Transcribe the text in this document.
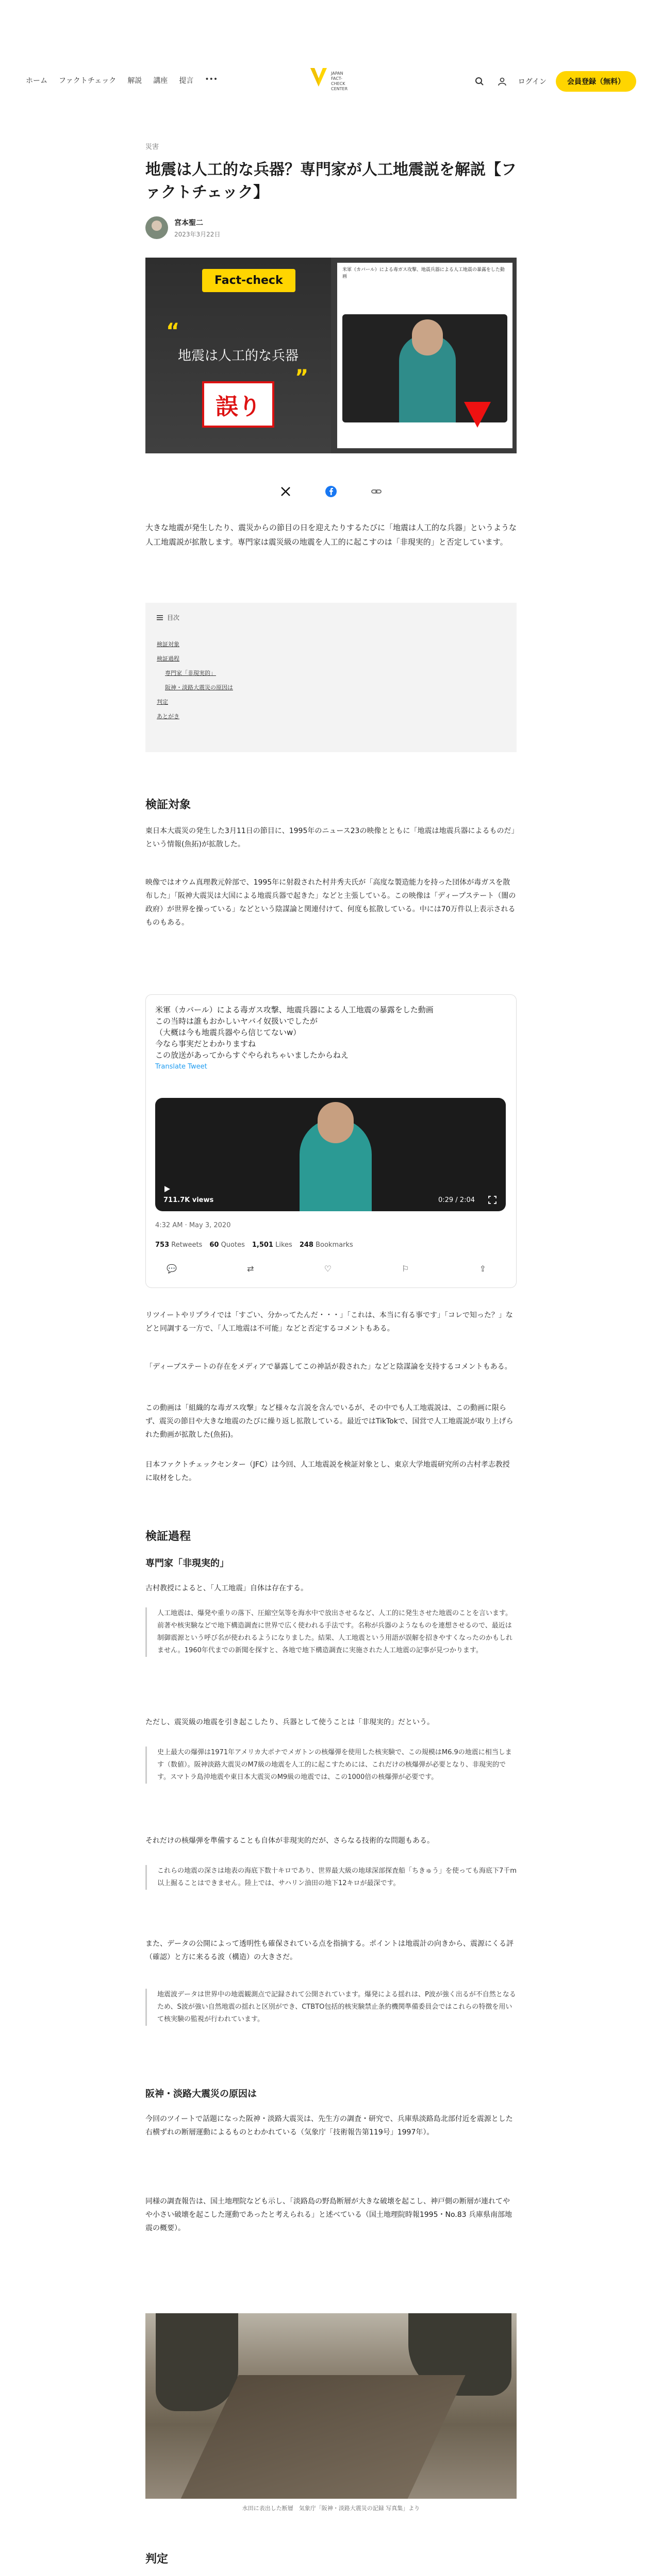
ホーム ファクトチェック 解説 講座 提言 •••
JAPAN FACT-CHECK CENTER
ログイン	会員登録（無料）
災害
地震は人工的な兵器？専門家が人工地震説を解説【ファクトチェック】
宮本聖二
2023年3月22日
Fact-check
“
地震は人工的な兵器
”
誤り
米軍（カバール）による毒ガス攻撃、地震兵器による人工地震の暴露をした動画

大きな地震が発生したり、震災からの節目の日を迎えたりするたびに「地震は人工的な兵器」というような人工地震説が拡散します。専門家は震災級の地震を人工的に起こすのは「非現実的」と否定しています。

目次
検証対象
検証過程
専門家「非現実的」
阪神・淡路大震災の原因は
判定
あとがき
検証対象

東日本大震災の発生した3月11日の節目に、1995年のニュース23の映像とともに「地震は地震兵器によるものだ」という情報(魚拓)が拡散した。

映像ではオウム真理教元幹部で、1995年に射殺された村井秀夫氏が「高度な製造能力を持った団体が毒ガスを散布した」「阪神大震災は大国による地震兵器で起きた」などと主張している。この映像は「ディープステート（闇の政府）が世界を操っている」などという陰謀論と関連付けて、何度も拡散している。中には70万件以上表示されるものもある。

米軍（カバール）による毒ガス攻撃、地震兵器による人工地震の暴露をした動画
この当時は誰もおかしいヤバイ奴扱いでしたが
（大概は今も地震兵器やら信じてないw）
今なら事実だとわかりますね
この放送があってからすぐやられちゃいましたからねえ
Translate Tweet
711.7K views	0:29 / 2:04
4:32 AM · May 3, 2020
753 Retweets 60 Quotes 1,501 Likes 248 Bookmarks
💬	⇄	♡	⚐	⇪

リツイートやリプライでは「すごい、分かってたんだ・・・」「これは、本当に有る事です」「コレで知った？」などと同調する一方で、「人工地震は不可能」などと否定するコメントもある。

「ディープステートの存在をメディアで暴露してこの神話が殺された」などと陰謀論を支持するコメントもある。

この動画は「組織的な毒ガス攻撃」など様々な言説を含んでいるが、その中でも人工地震説は、この動画に限らず、震災の節目や大きな地震のたびに繰り返し拡散している。最近ではTikTokで、国営で人工地震説が取り上げられた動画が拡散した(魚拓)。

日本ファクトチェックセンター（JFC）は今回、人工地震説を検証対象とし、東京大学地震研究所の古村孝志教授に取材をした。

検証過程
専門家「非現実的」

古村教授によると、「人工地震」自体は存在する。

人工地震は、爆発や重りの落下、圧縮空気等を海水中で放出させるなど、人工的に発生させた地震のことを言います。前著や核実験などで地下構造調査に世界で広く使われる手法です。名称が兵器のようなものを連想させるので、最近は制御震源という呼び名が使われるようになりました。結果、人工地震という用語が誤解を招きやすくなったのかもしれません。1960年代までの新聞を探すと、各地で地下構造調査に実施された人工地震の記事が見つかります。

ただし、震災級の地震を引き起こしたり、兵器として使うことは「非現実的」だという。

史上最大の爆弾は1971年アメリカ大ポナでメガトンの核爆弾を使用した核実験で、この規模はM6.9の地震に相当します（数値）。阪神淡路大震災のM7級の地震を人工的に起こすためには、これだけの核爆弾が必要となり、非現実的です。スマトラ島沖地震や東日本大震災のM9級の地震では、この1000倍の核爆弾が必要です。

それだけの核爆弾を準備することも自体が非現実的だが、さらなる技術的な問題もある。

これらの地震の深さは地表の海底下数十キロであり、世界最大級の地球深部探査船「ちきゅう」を使っても海底下7千m以上掘ることはできません。陸上では、サハリン油田の地下12キロが最深です。

また、データの公開によって透明性も確保されている点を指摘する。ポイントは地震計の向きから、震源にくる評（確認）と方に来るる波（構造）の大きさだ。

地震波データは世界中の地震観測点で記録されて公開されています。爆発による揺れは、P波が強く出るが不自然となるため、S波が強い自然地震の揺れと区別ができ、CTBTO包括的核実験禁止条約機関準備委員会ではこれらの特徴を用いて核実験の監視が行われています。
阪神・淡路大震災の原因は

今回のツイートで話題になった阪神・淡路大震災は、先生方の調査・研究で、兵庫県淡路島北部付近を震源とした右横ずれの断層運動によるものとわかれている（気象庁「技術報告第119号」1997年）。

同様の調査報告は、国土地理院なども示し、「淡路島の野島断層が大きな破壊を起こし、神戸側の断層が連れてやや小さい破壊を起こした運動であったと考えられる」と述べている（国土地理院時報1995・No.83 兵庫県南部地震の概要）。

水田に表出した断層　気象庁「阪神・淡路大震災の記録 写真集」より
判定
